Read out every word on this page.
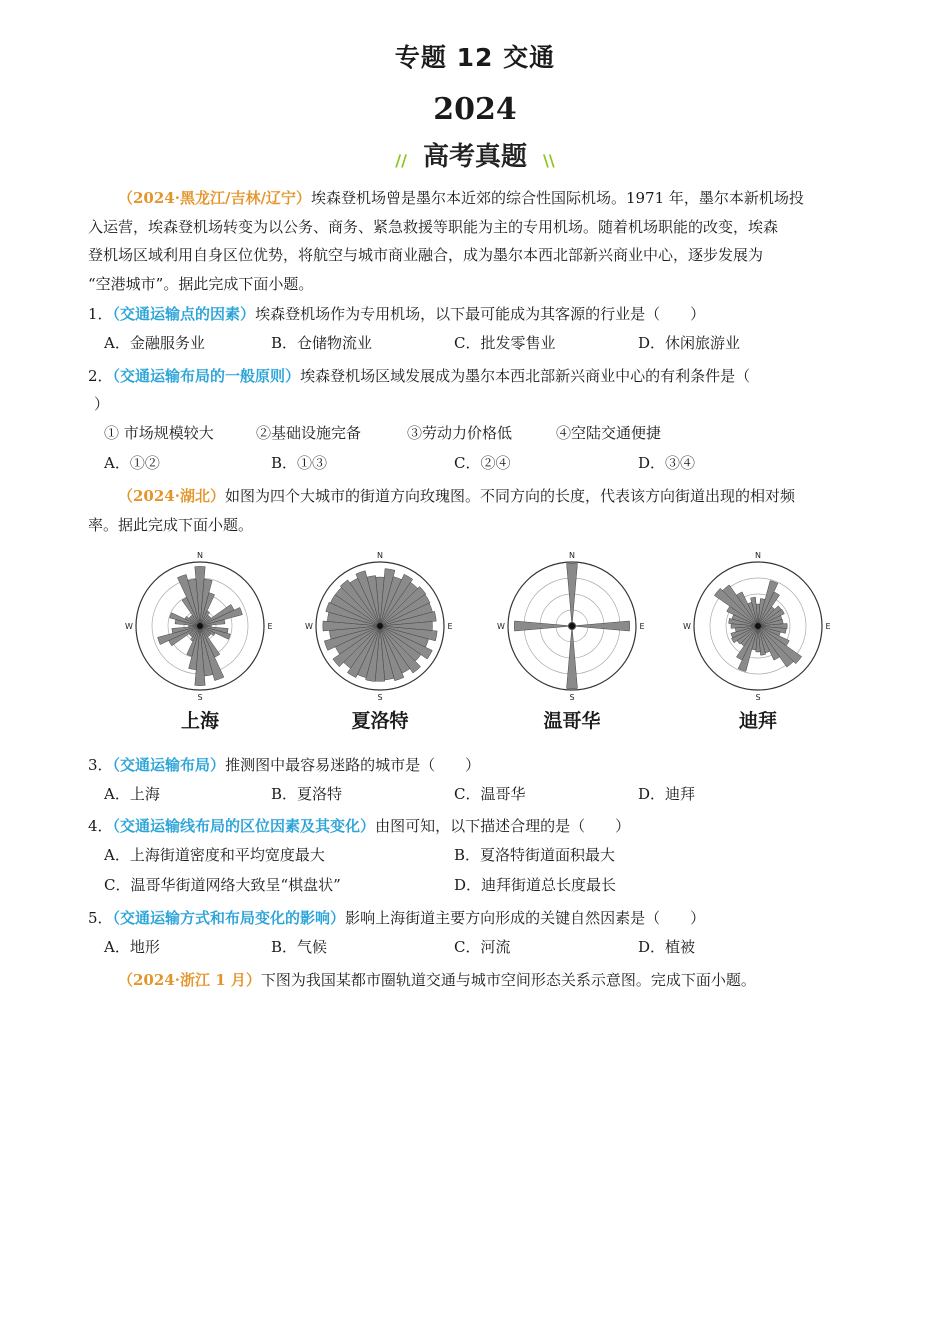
专题 12 交通
2024
// 高考真题 \\
（2024·黑龙江/吉林/辽宁）埃森登机场曾是墨尔本近郊的综合性国际机场。1971 年，墨尔本新机场投
入运营，埃森登机场转变为以公务、商务、紧急救援等职能为主的专用机场。随着机场职能的改变，埃森
登机场区域利用自身区位优势，将航空与城市商业融合，成为墨尔本西北部新兴商业中心，逐步发展为
“空港城市”。据此完成下面小题。
1．（交通运输点的因素）埃森登机场作为专用机场，以下最可能成为其客源的行业是（　　）
A．金融服务业	B．仓储物流业	C．批发零售业	D．休闲旅游业
2．（交通运输布局的一般原则）埃森登机场区域发展成为墨尔本西北部新兴商业中心的有利条件是（
）
① 市场规模较大	②基础设施完备	③劳动力价格低	④空陆交通便捷
A．①②	B．①③	C．②④	D．③④
（2024·湖北）如图为四个大城市的街道方向玫瑰图。不同方向的长度，代表该方向街道出现的相对频
率。据此完成下面小题。
N
S
E
W
上海
N
S
E
W
夏洛特
N
S
E
W
温哥华
N
S
E
W
迪拜
3．（交通运输布局）推测图中最容易迷路的城市是（　　）
A．上海	B．夏洛特	C．温哥华	D．迪拜
4．（交通运输线布局的区位因素及其变化）由图可知，以下描述合理的是（　　）
A．上海街道密度和平均宽度最大	B．夏洛特街道面积最大
C．温哥华街道网络大致呈“棋盘状”	D．迪拜街道总长度最长
5．（交通运输方式和布局变化的影响）影响上海街道主要方向形成的关键自然因素是（　　）
A．地形	B．气候	C．河流	D．植被
（2024·浙江 1 月）下图为我国某都市圈轨道交通与城市空间形态关系示意图。完成下面小题。
